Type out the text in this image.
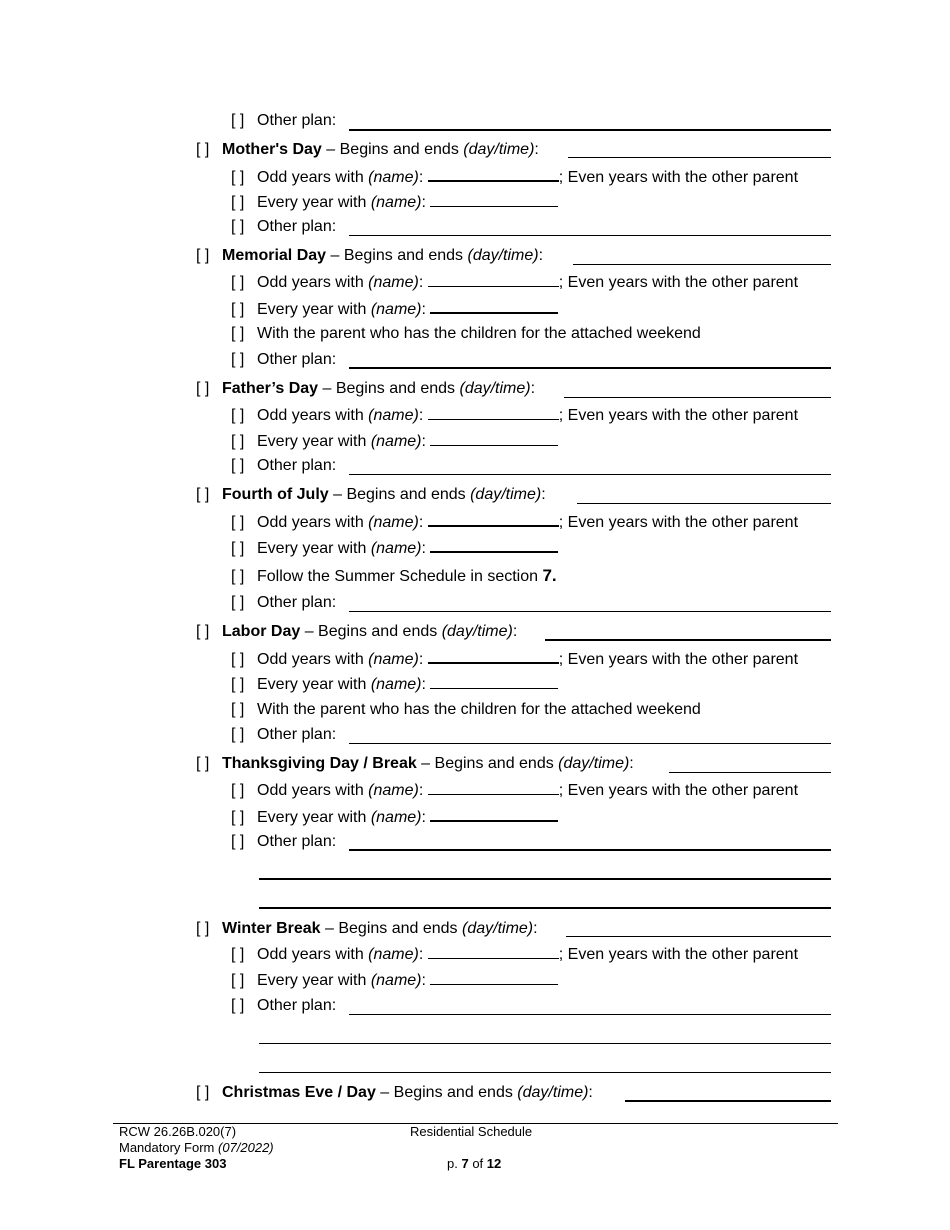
[ ] Other plan:
[ ] Mother's Day – Begins and ends (day/time):
[ ] Odd years with (name):	; Even years with the other parent
[ ] Every year with (name):
[ ] Other plan:
[ ] Memorial Day – Begins and ends (day/time):
[ ] Odd years with (name):	; Even years with the other parent
[ ] Every year with (name):
[ ] With the parent who has the children for the attached weekend
[ ] Other plan:
[ ] Father’s Day – Begins and ends (day/time):
[ ] Odd years with (name):	; Even years with the other parent
[ ] Every year with (name):
[ ] Other plan:
[ ] Fourth of July – Begins and ends (day/time):
[ ] Odd years with (name):	; Even years with the other parent
[ ] Every year with (name):
[ ] Follow the Summer Schedule in section 7.
[ ] Other plan:
[ ] Labor Day – Begins and ends (day/time):
[ ] Odd years with (name):	; Even years with the other parent
[ ] Every year with (name):
[ ] With the parent who has the children for the attached weekend
[ ] Other plan:
[ ] Thanksgiving Day / Break – Begins and ends (day/time):
[ ] Odd years with (name):	; Even years with the other parent
[ ] Every year with (name):
[ ] Other plan:
[ ] Winter Break – Begins and ends (day/time):
[ ] Odd years with (name):	; Even years with the other parent
[ ] Every year with (name):
[ ] Other plan:
[ ] Christmas Eve / Day – Begins and ends (day/time):
RCW 26.26B.020(7)
Mandatory Form (07/2022)
FL Parentage 303
Residential Schedule
p. 7 of 12
